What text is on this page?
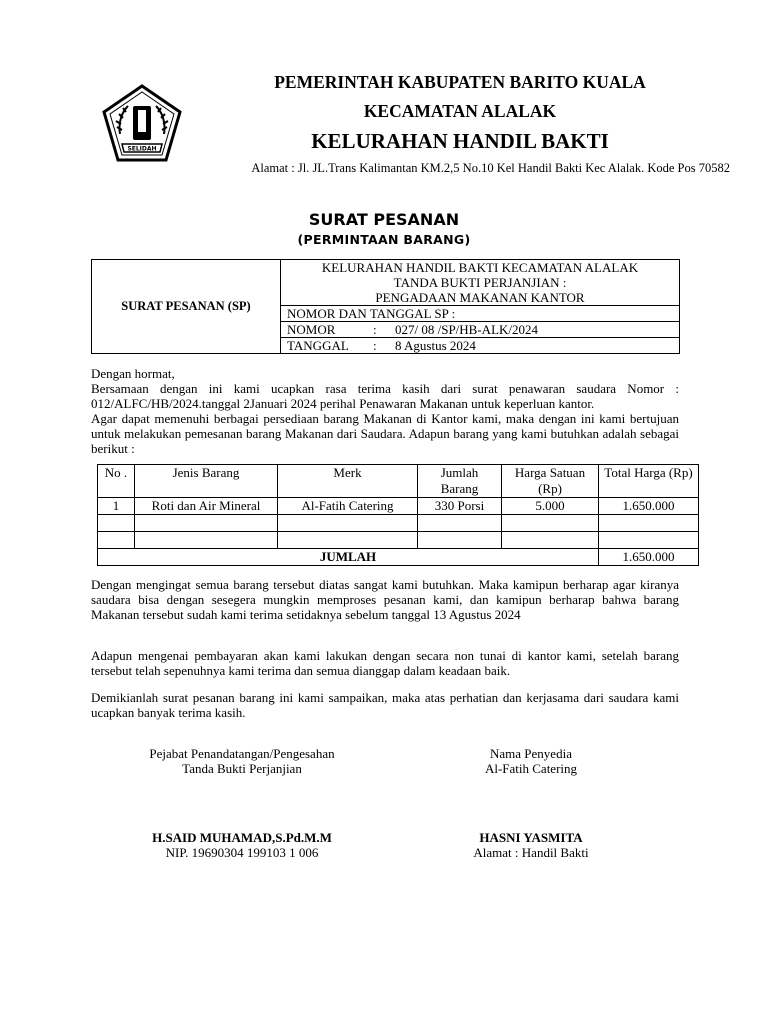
SELIDAH
PEMERINTAH KABUPATEN BARITO KUALA
KECAMATAN ALALAK
KELURAHAN HANDIL BAKTI
Alamat : Jl. JL.Trans Kalimantan KM.2,5 No.10 Kel Handil Bakti Kec Alalak. Kode Pos 70582
SURAT PESANAN
(PERMINTAAN BARANG)
SURAT PESANAN (SP)	
KELURAHAN HANDIL BAKTI KECAMATAN ALALAK
TANDA BUKTI PERJANJIAN :
PENGADAAN MAKANAN KANTOR

NOMOR DAN TANGGAL SP :

NOMOR	:	027/ 08 /SP/HB-ALK/2024

TANGGAL	:	8 Agustus 2024

Dengan hormat,

Bersamaan dengan ini kami ucapkan rasa terima kasih dari surat penawaran saudara Nomor : 012/ALFC/HB/2024.tanggal 2Januari 2024 perihal Penawaran Makanan untuk keperluan kantor.

Agar dapat memenuhi berbagai persediaan barang Makanan di Kantor kami, maka dengan ini kami bertujuan untuk melakukan pemesanan barang Makanan dari Saudara. Adapun barang yang kami butuhkan adalah sebagai berikut :

No .	Jenis Barang	Merk	Jumlah Barang	Harga Satuan (Rp)	Total Harga (Rp)
1	Roti dan Air Mineral	Al-Fatih Catering	330 Porsi	5.000	1.650.000

JUMLAH					1.650.000

Dengan mengingat semua barang tersebut diatas sangat kami butuhkan. Maka kamipun berharap agar kiranya saudara bisa dengan sesegera mungkin memproses pesanan kami, dan kamipun berharap bahwa barang Makanan tersebut sudah kami terima setidaknya sebelum tanggal 13 Agustus 2024

Adapun mengenai pembayaran akan kami lakukan dengan secara non tunai di kantor kami, setelah barang tersebut telah sepenuhnya kami terima dan semua dianggap dalam keadaan baik.

Demikianlah surat pesanan barang ini kami sampaikan, maka atas perhatian dan kerjasama dari saudara kami ucapkan banyak terima kasih.

Pejabat Penandatangan/Pengesahan
Tanda Bukti Perjanjian
Nama Penyedia
Al-Fatih Catering
H.SAID MUHAMAD,S.Pd.M.M
NIP. 19690304 199103 1 006
HASNI YASMITA
Alamat : Handil Bakti
